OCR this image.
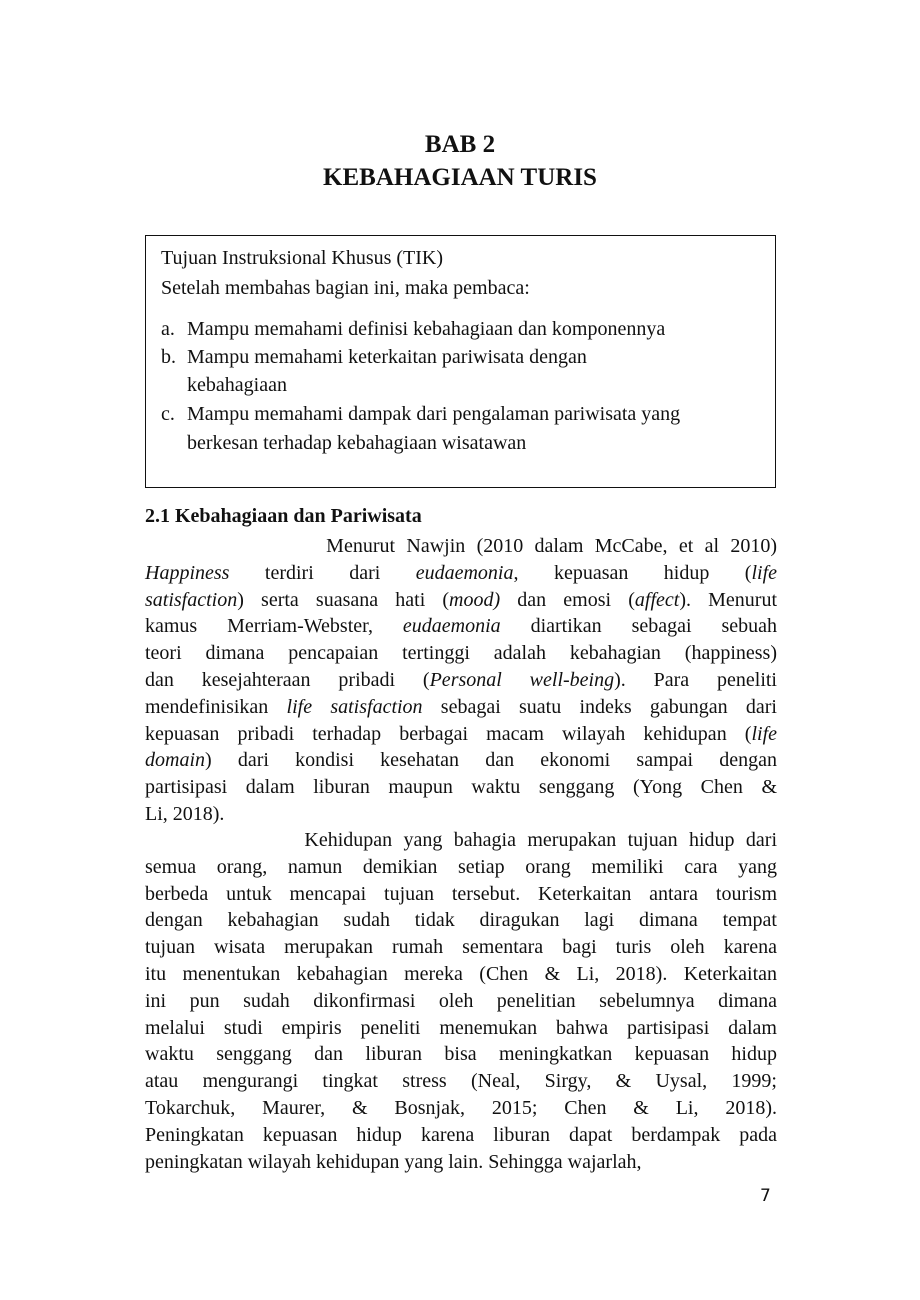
BAB 2
KEBAHAGIAAN TURIS
Tujuan Instruksional Khusus (TIK)
Setelah membahas bagian ini, maka pembaca:
a. Mampu memahami definisi kebahagiaan dan komponennya
b. Mampu memahami keterkaitan pariwisata dengan
kebahagiaan
c. Mampu memahami dampak dari pengalaman pariwisata yang
berkesan terhadap kebahagiaan wisatawan
2.1 Kebahagiaan dan Pariwisata
Menurut Nawjin (2010 dalam McCabe, et al 2010)
Happiness terdiri dari eudaemonia, kepuasan hidup (life
satisfaction) serta suasana hati (mood) dan emosi (affect). Menurut
kamus Merriam-Webster, eudaemonia diartikan sebagai sebuah
teori dimana pencapaian tertinggi adalah kebahagian (happiness)
dan kesejahteraan pribadi (Personal well-being). Para peneliti
mendefinisikan life satisfaction sebagai suatu indeks gabungan dari
kepuasan pribadi terhadap berbagai macam wilayah kehidupan (life
domain) dari kondisi kesehatan dan ekonomi sampai dengan
partisipasi dalam liburan maupun waktu senggang (Yong Chen &
Li, 2018).
Kehidupan yang bahagia merupakan tujuan hidup dari
semua orang, namun demikian setiap orang memiliki cara yang
berbeda untuk mencapai tujuan tersebut. Keterkaitan antara tourism
dengan kebahagian sudah tidak diragukan lagi dimana tempat
tujuan wisata merupakan rumah sementara bagi turis oleh karena
itu menentukan kebahagian mereka (Chen & Li, 2018). Keterkaitan
ini pun sudah dikonfirmasi oleh penelitian sebelumnya dimana
melalui studi empiris peneliti menemukan bahwa partisipasi dalam
waktu senggang dan liburan bisa meningkatkan kepuasan hidup
atau mengurangi tingkat stress (Neal, Sirgy, & Uysal, 1999;
Tokarchuk, Maurer, & Bosnjak, 2015; Chen & Li, 2018).
Peningkatan kepuasan hidup karena liburan dapat berdampak pada
peningkatan wilayah kehidupan yang lain. Sehingga wajarlah,
7
